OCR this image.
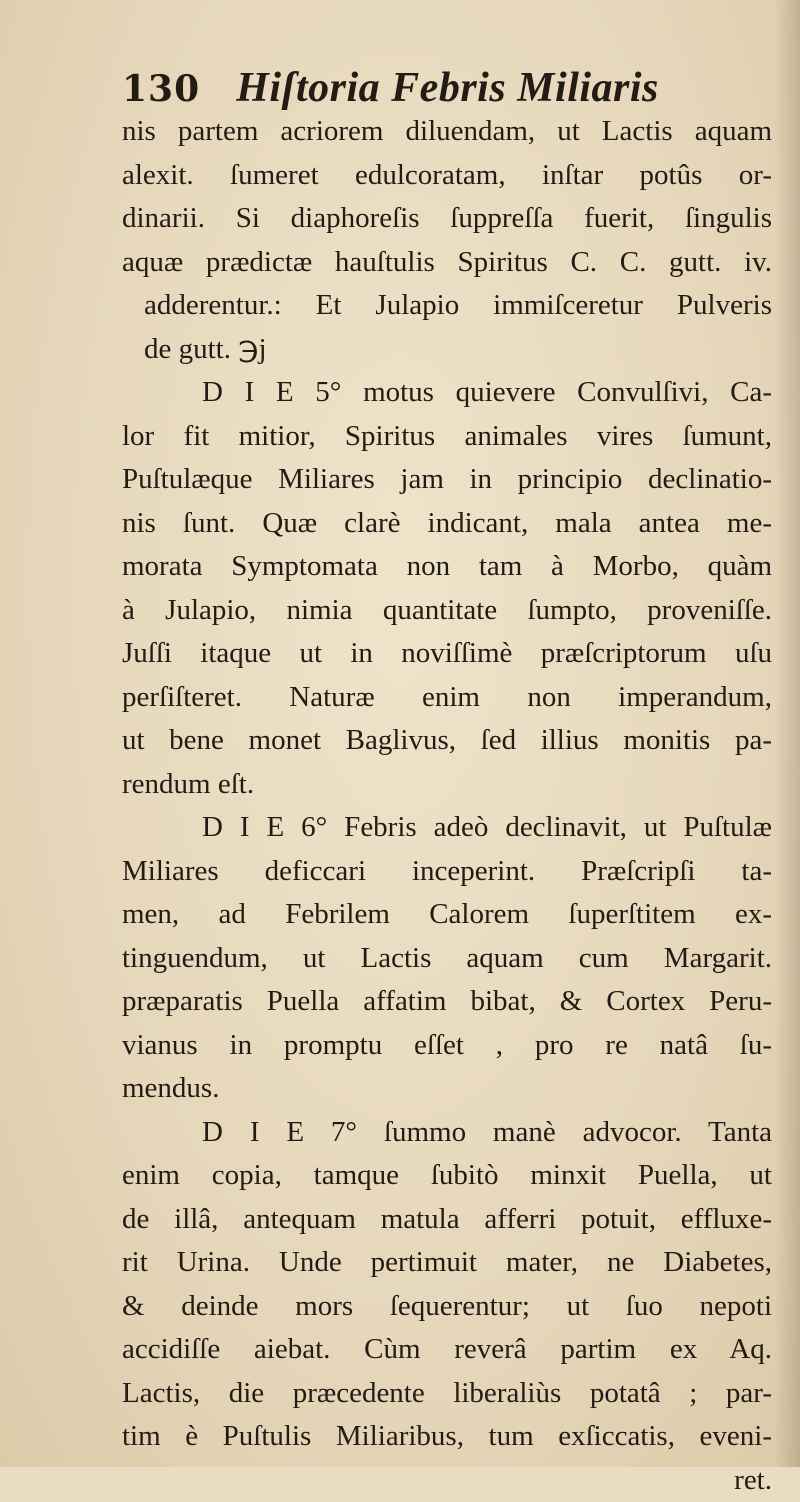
130 Hiſtoria Febris Miliaris
nis partem acriorem diluendam, ut Lactis aquam
alexit. ſumeret edulcoratam, inſtar potûs or-
dinarii. Si diaphoreſis ſuppreſſa fuerit, ſingulis
aquæ prædictæ hauſtulis Spiritus C. C. gutt. iv.
adderentur.: Et Julapio immiſceretur Pulveris
de gutt. ℈j
D I E 5° motus quievere Convulſivi, Ca-
lor fit mitior, Spiritus animales vires ſumunt,
Puſtulæque Miliares jam in principio declinatio-
nis ſunt. Quæ clarè indicant, mala antea me-
morata Symptomata non tam à Morbo, quàm
à Julapio, nimia quantitate ſumpto, proveniſſe.
Juſſi itaque ut in noviſſimè præſcriptorum uſu
perſiſteret. Naturæ enim non imperandum,
ut bene monet Baglivus, ſed illius monitis pa-
rendum eſt.
D I E 6° Febris adeò declinavit, ut Puſtulæ
Miliares deficcari inceperint. Præſcripſi ta-
men, ad Febrilem Calorem ſuperſtitem ex-
tinguendum, ut Lactis aquam cum Margarit.
præparatis Puella affatim bibat, & Cortex Peru-
vianus in promptu eſſet , pro re natâ ſu-
mendus.
D I E 7° ſummo manè advocor. Tanta
enim copia, tamque ſubitò minxit Puella, ut
de illâ, antequam matula afferri potuit, effluxe-
rit Urina. Unde pertimuit mater, ne Diabetes,
& deinde mors ſequerentur; ut ſuo nepoti
accidiſſe aiebat. Cùm reverâ partim ex Aq.
Lactis, die præcedente liberaliùs potatâ ; par-
tim è Puſtulis Miliaribus, tum exſiccatis, eveni-
ret.
